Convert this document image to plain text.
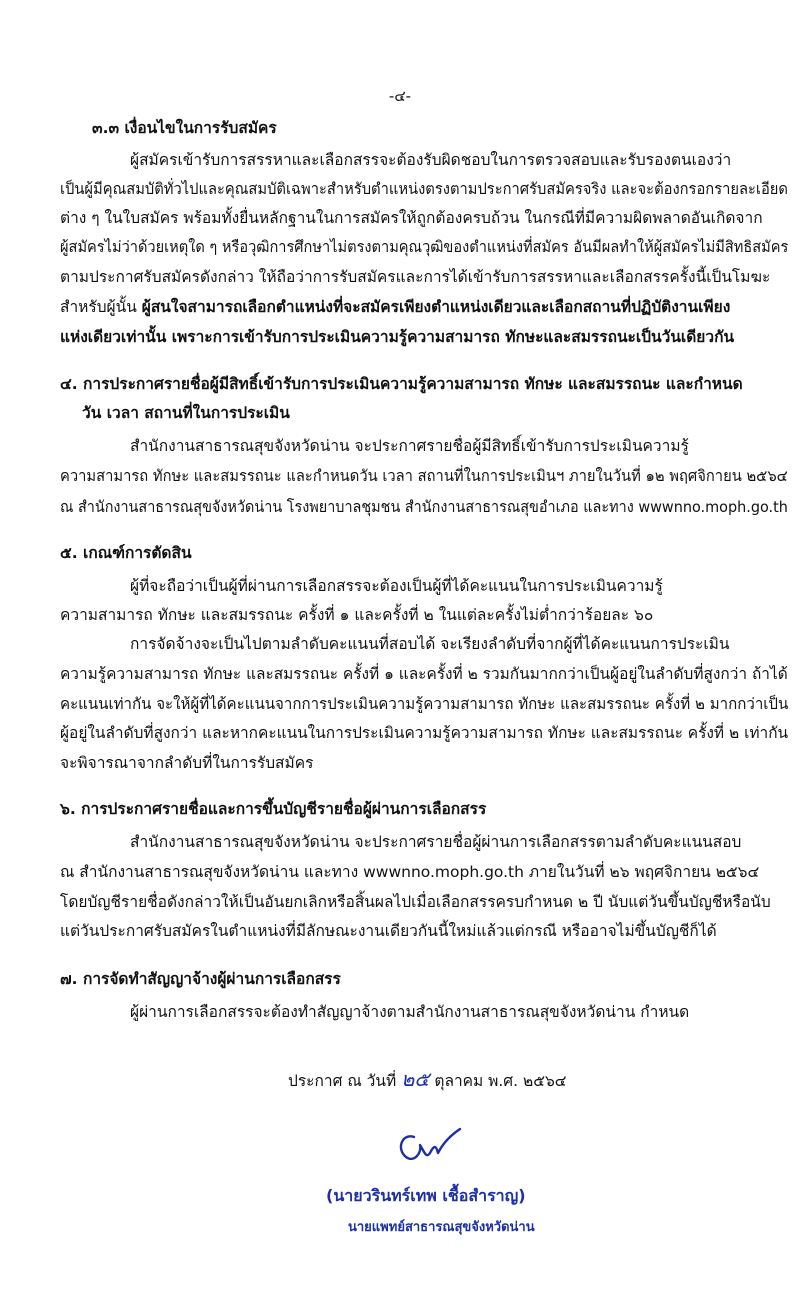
-๔-
๓.๓ เงื่อนไขในการรับสมัคร
ผู้สมัครเข้ารับการสรรหาและเลือกสรรจะต้องรับผิดชอบในการตรวจสอบและรับรองตนเองว่า
เป็นผู้มีคุณสมบัติทั่วไปและคุณสมบัติเฉพาะสำหรับตำแหน่งตรงตามประกาศรับสมัครจริง และจะต้องกรอกรายละเอียด
ต่าง ๆ ในใบสมัคร พร้อมทั้งยื่นหลักฐานในการสมัครให้ถูกต้องครบถ้วน ในกรณีที่มีความผิดพลาดอันเกิดจาก
ผู้สมัครไม่ว่าด้วยเหตุใด ๆ หรือวุฒิการศึกษาไม่ตรงตามคุณวุฒิของตำแหน่งที่สมัคร อันมีผลทำให้ผู้สมัครไม่มีสิทธิสมัคร
ตามประกาศรับสมัครดังกล่าว ให้ถือว่าการรับสมัครและการได้เข้ารับการสรรหาและเลือกสรรครั้งนี้เป็นโมฆะ
สำหรับผู้นั้น ผู้สนใจสามารถเลือกตำแหน่งที่จะสมัครเพียงตำแหน่งเดียวและเลือกสถานที่ปฏิบัติงานเพียง
แห่งเดียวเท่านั้น เพราะการเข้ารับการประเมินความรู้ความสามารถ ทักษะและสมรรถนะเป็นวันเดียวกัน
๔. การประกาศรายชื่อผู้มีสิทธิ์เข้ารับการประเมินความรู้ความสามารถ ทักษะ และสมรรถนะ และกำหนด
วัน เวลา สถานที่ในการประเมิน
สำนักงานสาธารณสุขจังหวัดน่าน จะประกาศรายชื่อผู้มีสิทธิ์เข้ารับการประเมินความรู้
ความสามารถ ทักษะ และสมรรถนะ และกำหนดวัน เวลา สถานที่ในการประเมินฯ ภายในวันที่ ๑๒ พฤศจิกายน ๒๕๖๔
ณ สำนักงานสาธารณสุขจังหวัดน่าน โรงพยาบาลชุมชน สำนักงานสาธารณสุขอำเภอ และทาง wwwnno.moph.go.th
๕. เกณฑ์การตัดสิน
ผู้ที่จะถือว่าเป็นผู้ที่ผ่านการเลือกสรรจะต้องเป็นผู้ที่ได้คะแนนในการประเมินความรู้
ความสามารถ ทักษะ และสมรรถนะ ครั้งที่ ๑ และครั้งที่ ๒ ในแต่ละครั้งไม่ต่ำกว่าร้อยละ ๖๐
การจัดจ้างจะเป็นไปตามลำดับคะแนนที่สอบได้ จะเรียงลำดับที่จากผู้ที่ได้คะแนนการประเมิน
ความรู้ความสามารถ ทักษะ และสมรรถนะ ครั้งที่ ๑ และครั้งที่ ๒ รวมกันมากกว่าเป็นผู้อยู่ในลำดับที่สูงกว่า ถ้าได้
คะแนนเท่ากัน จะให้ผู้ที่ได้คะแนนจากการประเมินความรู้ความสามารถ ทักษะ และสมรรถนะ ครั้งที่ ๒ มากกว่าเป็น
ผู้อยู่ในลำดับที่สูงกว่า และหากคะแนนในการประเมินความรู้ความสามารถ ทักษะ และสมรรถนะ ครั้งที่ ๒ เท่ากัน
จะพิจารณาจากลำดับที่ในการรับสมัคร
๖. การประกาศรายชื่อและการขึ้นบัญชีรายชื่อผู้ผ่านการเลือกสรร
สำนักงานสาธารณสุขจังหวัดน่าน จะประกาศรายชื่อผู้ผ่านการเลือกสรรตามลำดับคะแนนสอบ
ณ สำนักงานสาธารณสุขจังหวัดน่าน และทาง wwwnno.moph.go.th ภายในวันที่ ๒๖ พฤศจิกายน ๒๕๖๔
โดยบัญชีรายชื่อดังกล่าวให้เป็นอันยกเลิกหรือสิ้นผลไปเมื่อเลือกสรรครบกำหนด ๒ ปี นับแต่วันขึ้นบัญชีหรือนับ
แต่วันประกาศรับสมัครในตำแหน่งที่มีลักษณะงานเดียวกันนี้ใหม่แล้วแต่กรณี หรืออาจไม่ขึ้นบัญชีก็ได้
๗. การจัดทำสัญญาจ้างผู้ผ่านการเลือกสรร
ผู้ผ่านการเลือกสรรจะต้องทำสัญญาจ้างตามสำนักงานสาธารณสุขจังหวัดน่าน กำหนด
ประกาศ ณ วันที่ ๒๕ ตุลาคม พ.ศ. ๒๕๖๔
(นายวรินทร์เทพ เชื้อสำราญ)
นายแพทย์สาธารณสุขจังหวัดน่าน
